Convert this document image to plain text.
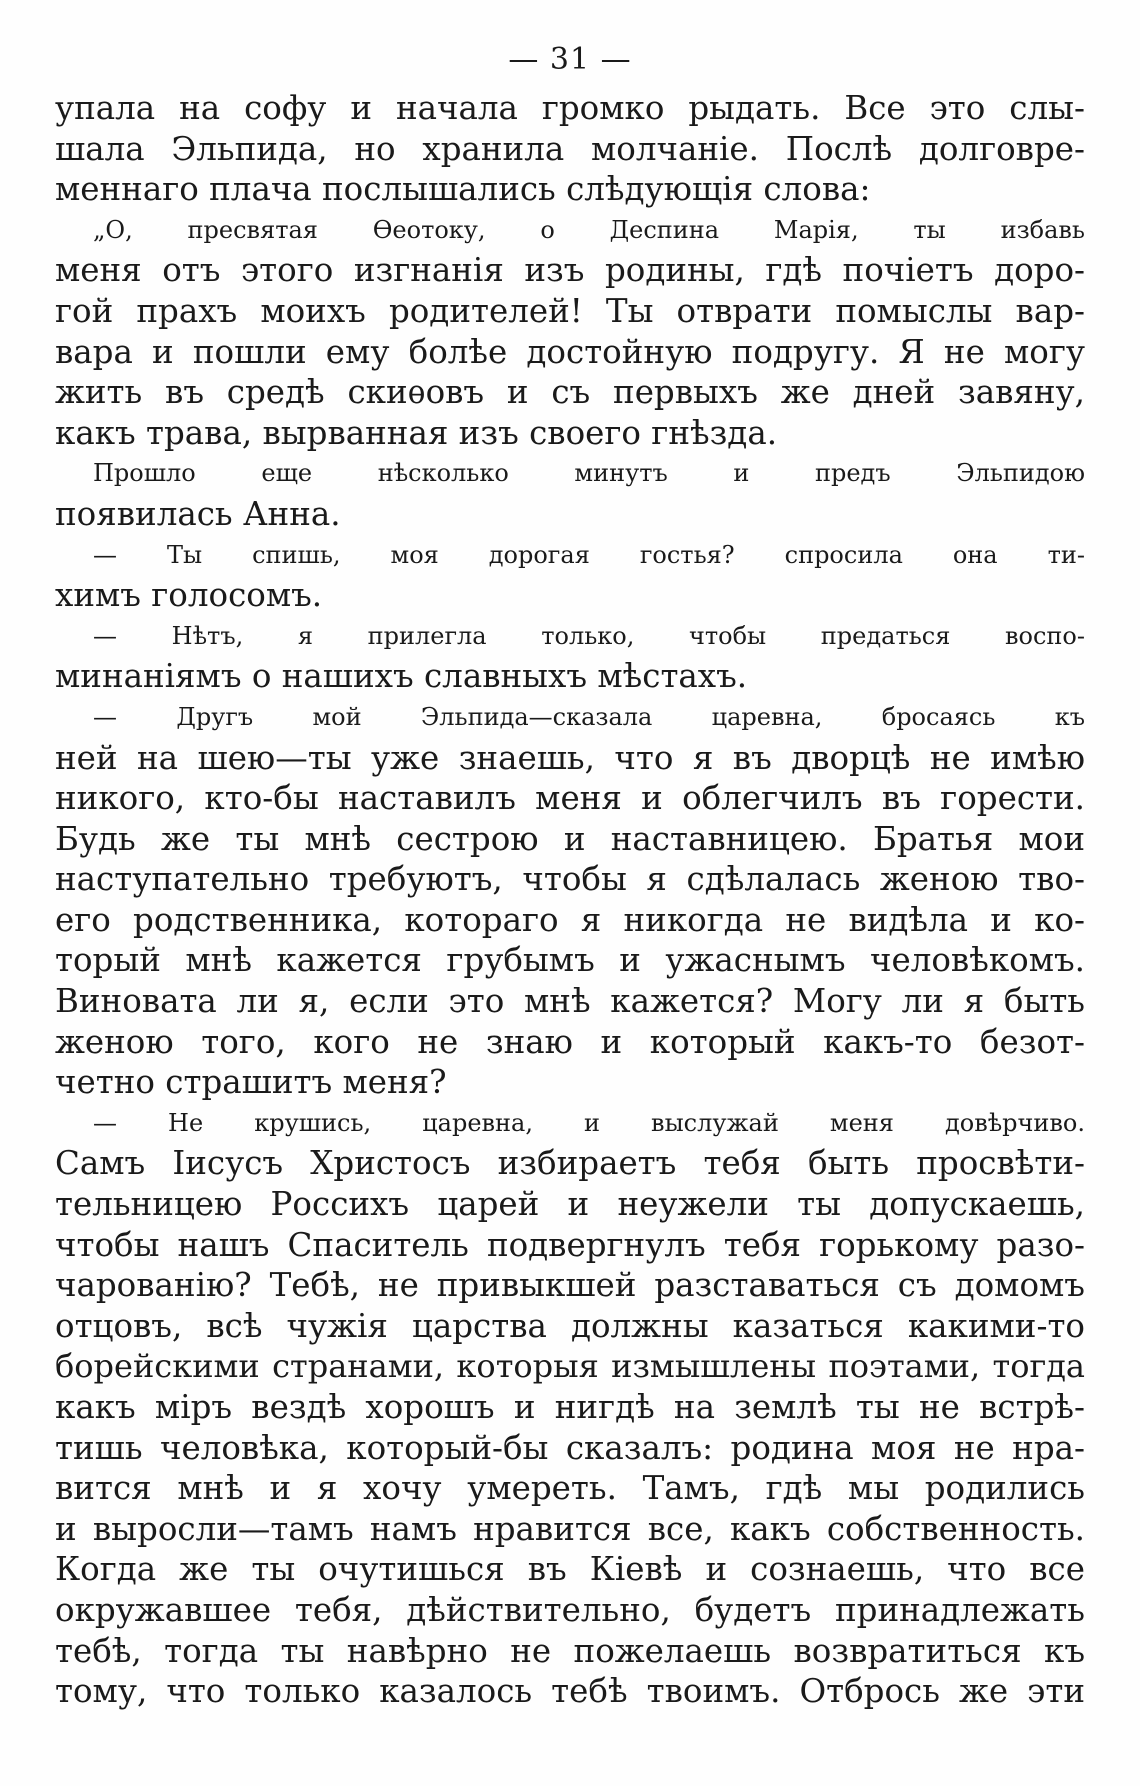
— 31 —
упала на софу и начала громко рыдать. Все это слы-
шала Эльпида, но хранила молчаніе. Послѣ долговре-
меннаго плача послышались слѣдующія слова:
„О, пресвятая Ѳеотоку, о Деспина Марія, ты избавь
меня отъ этого изгнанія изъ родины, гдѣ почіетъ доро-
гой прахъ моихъ родителей! Ты отврати помыслы вар-
вара и пошли ему болѣе достойную подругу. Я не могу
жить въ средѣ скиѳовъ и съ первыхъ же дней завяну,
какъ трава, вырванная изъ своего гнѣзда.
Прошло еще нѣсколько минутъ и предъ Эльпидою
появилась Анна.
— Ты спишь, моя дорогая гостья? спросила она ти-
химъ голосомъ.
— Нѣтъ, я прилегла только, чтобы предаться воспо-
минаніямъ о нашихъ славныхъ мѣстахъ.
— Другъ мой Эльпида—сказала царевна, бросаясь къ
ней на шею—ты уже знаешь, что я въ дворцѣ не имѣю
никого, кто-бы наставилъ меня и облегчилъ въ горести.
Будь же ты мнѣ сестрою и наставницею. Братья мои
наступательно требуютъ, чтобы я сдѣлалась женою тво-
его родственника, котораго я никогда не видѣла и ко-
торый мнѣ кажется грубымъ и ужаснымъ человѣкомъ.
Виновата ли я, если это мнѣ кажется? Могу ли я быть
женою того, кого не знаю и который какъ-то безот-
четно страшитъ меня?
— Не крушись, царевна, и выслужай меня довѣрчиво.
Самъ Іисусъ Христосъ избираетъ тебя быть просвѣти-
тельницею Россихъ царей и неужели ты допускаешь,
чтобы нашъ Спаситель подвергнулъ тебя горькому разо-
чарованію? Тебѣ, не привыкшей разставаться съ домомъ
отцовъ, всѣ чужія царства должны казаться какими-то
борейскими странами, которыя измышлены поэтами, тогда
какъ міръ вездѣ хорошъ и нигдѣ на землѣ ты не встрѣ-
тишь человѣка, который-бы сказалъ: родина моя не нра-
вится мнѣ и я хочу умереть. Тамъ, гдѣ мы родились
и выросли—тамъ намъ нравится все, какъ собственность.
Когда же ты очутишься въ Кіевѣ и сознаешь, что все
окружавшее тебя, дѣйствительно, будетъ принадлежать
тебѣ, тогда ты навѣрно не пожелаешь возвратиться къ
тому, что только казалось тебѣ твоимъ. Отбрось же эти
